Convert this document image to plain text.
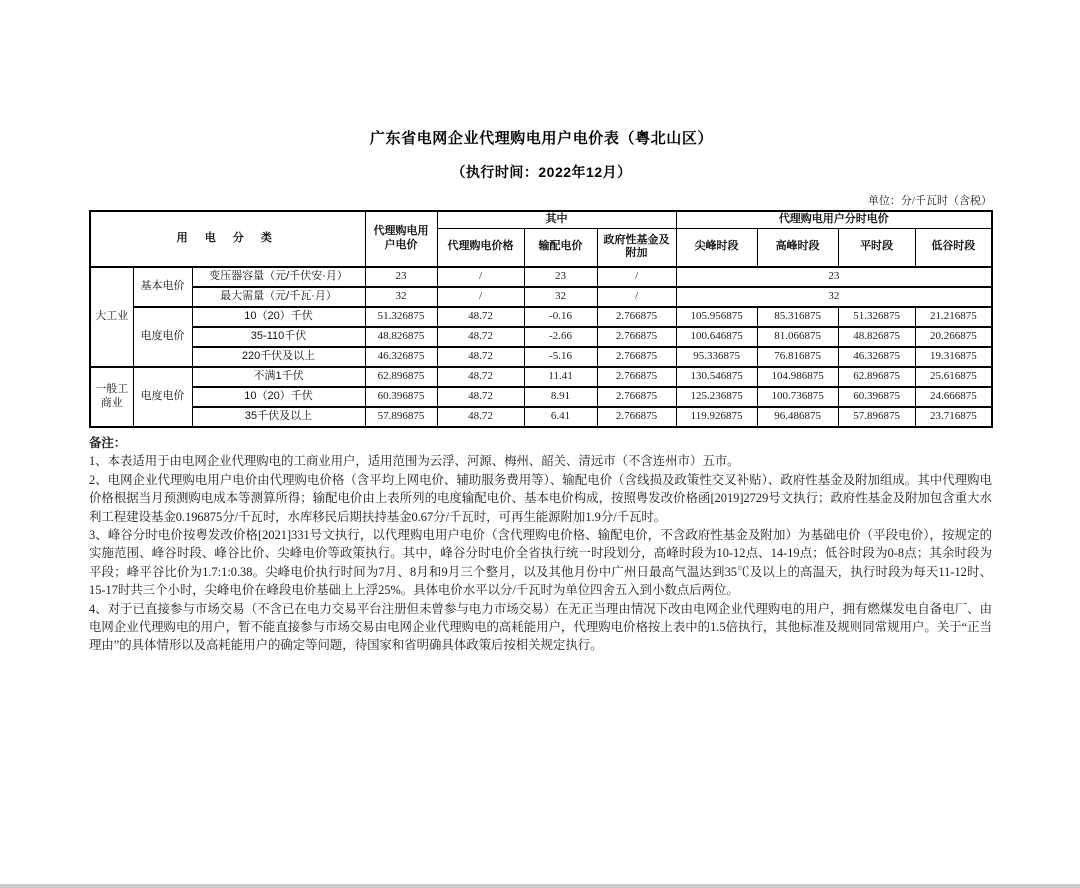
广东省电网企业代理购电用户电价表（粤北山区）
（执行时间：2022年12月）
单位：分/千瓦时（含税）
用 电 分 类			代理购电用户电价	其中			代理购电用户分时电价			
				代理购电价格	输配电价	政府性基金及附加	尖峰时段	高峰时段	平时段	低谷时段
大工业	基本电价	变压器容量（元/千伏安·月）	23	/	23	/	23			
		最大需量（元/千瓦·月）	32	/	32	/	32			
	电度电价	10（20）千伏	51.326875	48.72	-0.16	2.766875	105.956875	85.316875	51.326875	21.216875
		35-110千伏	48.826875	48.72	-2.66	2.766875	100.646875	81.066875	48.826875	20.266875
		220千伏及以上	46.326875	48.72	-5.16	2.766875	95.336875	76.816875	46.326875	19.316875
一般工商业	电度电价	不满1千伏	62.896875	48.72	11.41	2.766875	130.546875	104.986875	62.896875	25.616875
		10（20）千伏	60.396875	48.72	8.91	2.766875	125.236875	100.736875	60.396875	24.666875
		35千伏及以上	57.896875	48.72	6.41	2.766875	119.926875	96.486875	57.896875	23.716875

备注：

1、本表适用于由电网企业代理购电的工商业用户，适用范围为云浮、河源、梅州、韶关、清远市（不含连州市）五市。

2、电网企业代理购电用户电价由代理购电价格（含平均上网电价、辅助服务费用等）、输配电价（含线损及政策性交叉补贴）、政府性基金及附加组成。其中代理购电价格根据当月预测购电成本等测算所得；输配电价由上表所列的电度输配电价、基本电价构成，按照粤发改价格函[2019]2729号文执行；政府性基金及附加包含重大水利工程建设基金0.196875分/千瓦时，水库移民后期扶持基金0.67分/千瓦时，可再生能源附加1.9分/千瓦时。

3、峰谷分时电价按粤发改价格[2021]331号文执行，以代理购电用户电价（含代理购电价格、输配电价，不含政府性基金及附加）为基础电价（平段电价），按规定的实施范围、峰谷时段、峰谷比价、尖峰电价等政策执行。其中，峰谷分时电价全省执行统一时段划分，高峰时段为10-12点、14-19点；低谷时段为0-8点；其余时段为平段；峰平谷比价为1.7:1:0.38。尖峰电价执行时间为7月、8月和9月三个整月，以及其他月份中广州日最高气温达到35℃及以上的高温天，执行时段为每天11-12时、15-17时共三个小时，尖峰电价在峰段电价基础上上浮25%。具体电价水平以分/千瓦时为单位四舍五入到小数点后两位。

4、对于已直接参与市场交易（不含已在电力交易平台注册但未曾参与电力市场交易）在无正当理由情况下改由电网企业代理购电的用户，拥有燃煤发电自备电厂、由电网企业代理购电的用户，暂不能直接参与市场交易由电网企业代理购电的高耗能用户，代理购电价格按上表中的1.5倍执行，其他标准及规则同常规用户。关于“正当理由”的具体情形以及高耗能用户的确定等问题，待国家和省明确具体政策后按相关规定执行。
